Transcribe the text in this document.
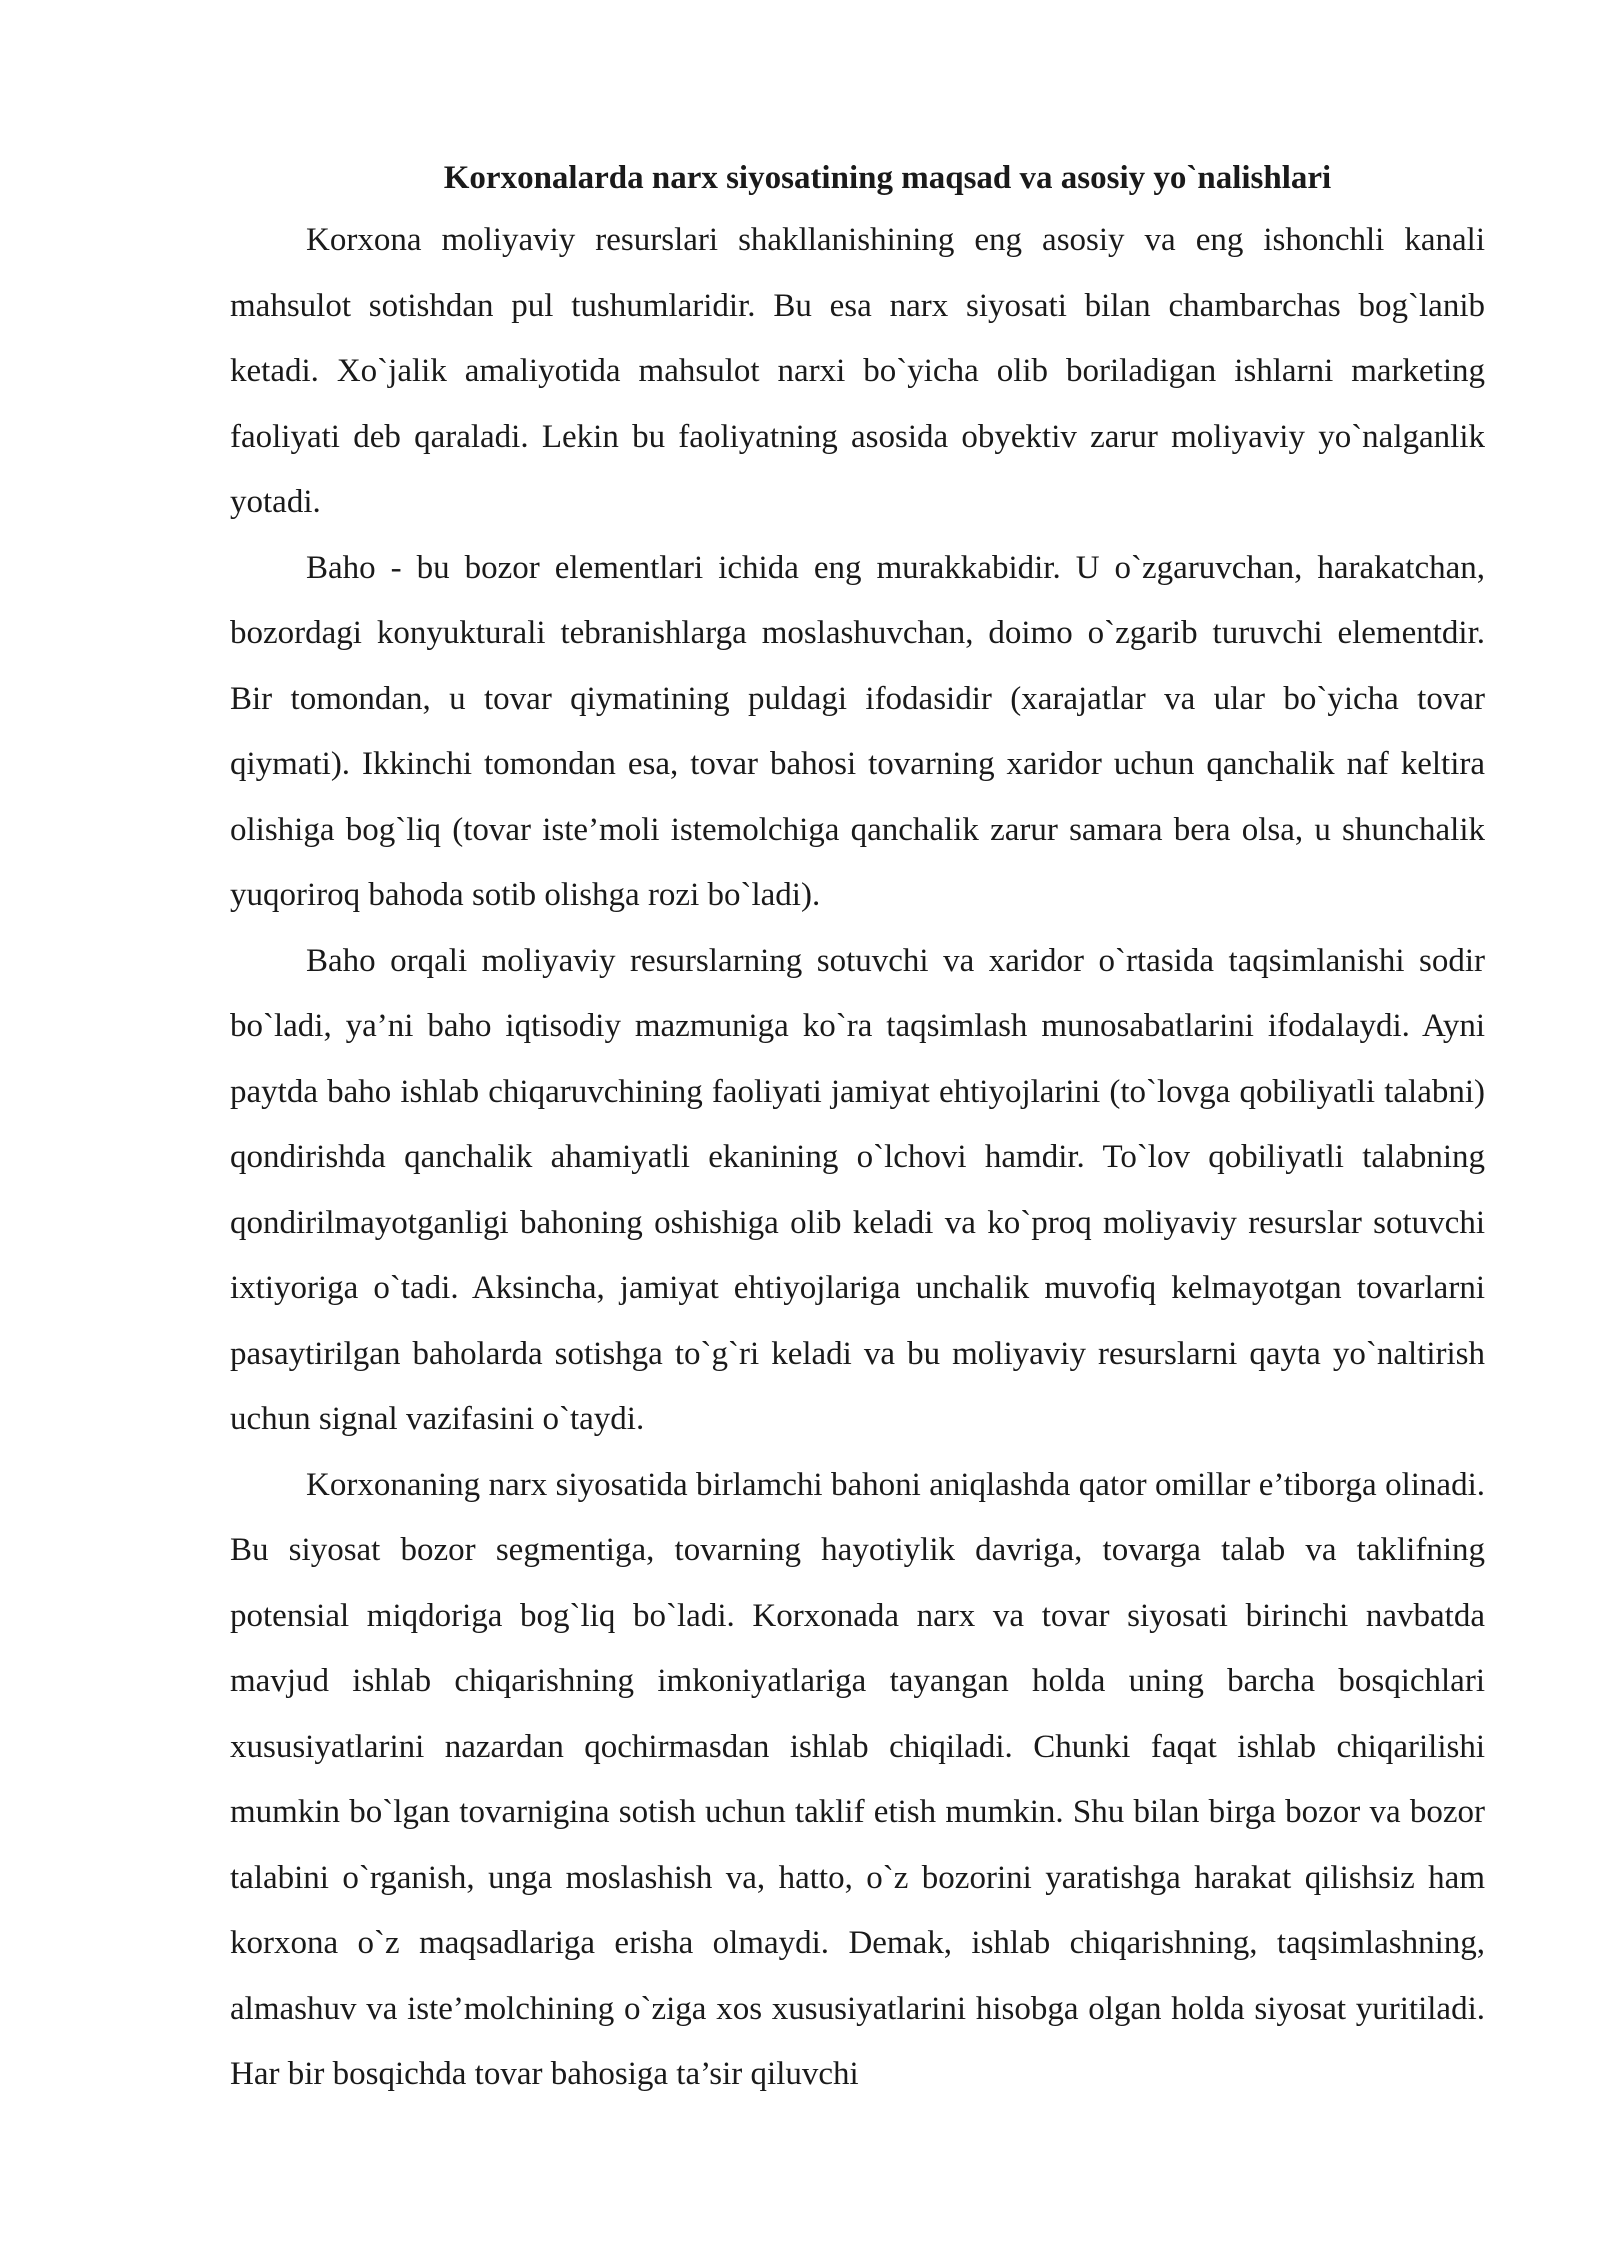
Korxonalarda narx siyosatining maqsad va asosiy yo`nalishlari

Korxona moliyaviy resurslari shakllanishining eng asosiy va eng ishonchli kanali mahsulot sotishdan pul tushumlaridir. Bu esa narx siyosati bilan chambarchas bog`lanib ketadi. Xo`jalik amaliyotida mahsulot narxi bo`yicha olib boriladigan ishlarni marketing faoliyati deb qaraladi. Lekin bu faoliyatning asosida obyektiv zarur moliyaviy yo`nalganlik yotadi.

Baho - bu bozor elementlari ichida eng murakkabidir. U o`zgaruvchan, harakatchan, bozordagi konyukturali tebranishlarga moslashuvchan, doimo o`zgarib turuvchi elementdir. Bir tomondan, u tovar qiymatining puldagi ifodasidir (xarajatlar va ular bo`yicha tovar qiymati). Ikkinchi tomondan esa, tovar bahosi tovarning xaridor uchun qanchalik naf keltira olishiga bog`liq (tovar iste’moli istemolchiga qanchalik zarur samara bera olsa, u shunchalik yuqoriroq bahoda sotib olishga rozi bo`ladi).

Baho orqali moliyaviy resurslarning sotuvchi va xaridor o`rtasida taqsimlanishi sodir bo`ladi, ya’ni baho iqtisodiy mazmuniga ko`ra taqsimlash munosabatlarini ifodalaydi. Ayni paytda baho ishlab chiqaruvchining faoliyati jamiyat ehtiyojlarini (to`lovga qobiliyatli talabni) qondirishda qanchalik ahamiyatli ekanining o`lchovi hamdir. To`lov qobiliyatli talabning qondirilmayotganligi bahoning oshishiga olib keladi va ko`proq moliyaviy resurslar sotuvchi ixtiyoriga o`tadi. Aksincha, jamiyat ehtiyojlariga unchalik muvofiq kelmayotgan tovarlarni pasaytirilgan baholarda sotishga to`g`ri keladi va bu moliyaviy resurslarni qayta yo`naltirish uchun signal vazifasini o`taydi.

Korxonaning narx siyosatida birlamchi bahoni aniqlashda qator omillar e’tiborga olinadi. Bu siyosat bozor segmentiga, tovarning hayotiylik davriga, tovarga talab va taklifning potensial miqdoriga bog`liq bo`ladi. Korxonada narx va tovar siyosati birinchi navbatda mavjud ishlab chiqarishning imkoniyatlariga tayangan holda uning barcha bosqichlari xususiyatlarini nazardan qochirmasdan ishlab chiqiladi. Chunki faqat ishlab chiqarilishi mumkin bo`lgan tovarnigina sotish uchun taklif etish mumkin. Shu bilan birga bozor va bozor talabini o`rganish, unga moslashish va, hatto, o`z bozorini yaratishga harakat qilishsiz ham korxona o`z maqsadlariga erisha olmaydi. Demak, ishlab chiqarishning, taqsimlashning, almashuv va iste’molchining o`ziga xos xususiyatlarini hisobga olgan holda siyosat yuritiladi. Har bir bosqichda tovar bahosiga ta’sir qiluvchi
